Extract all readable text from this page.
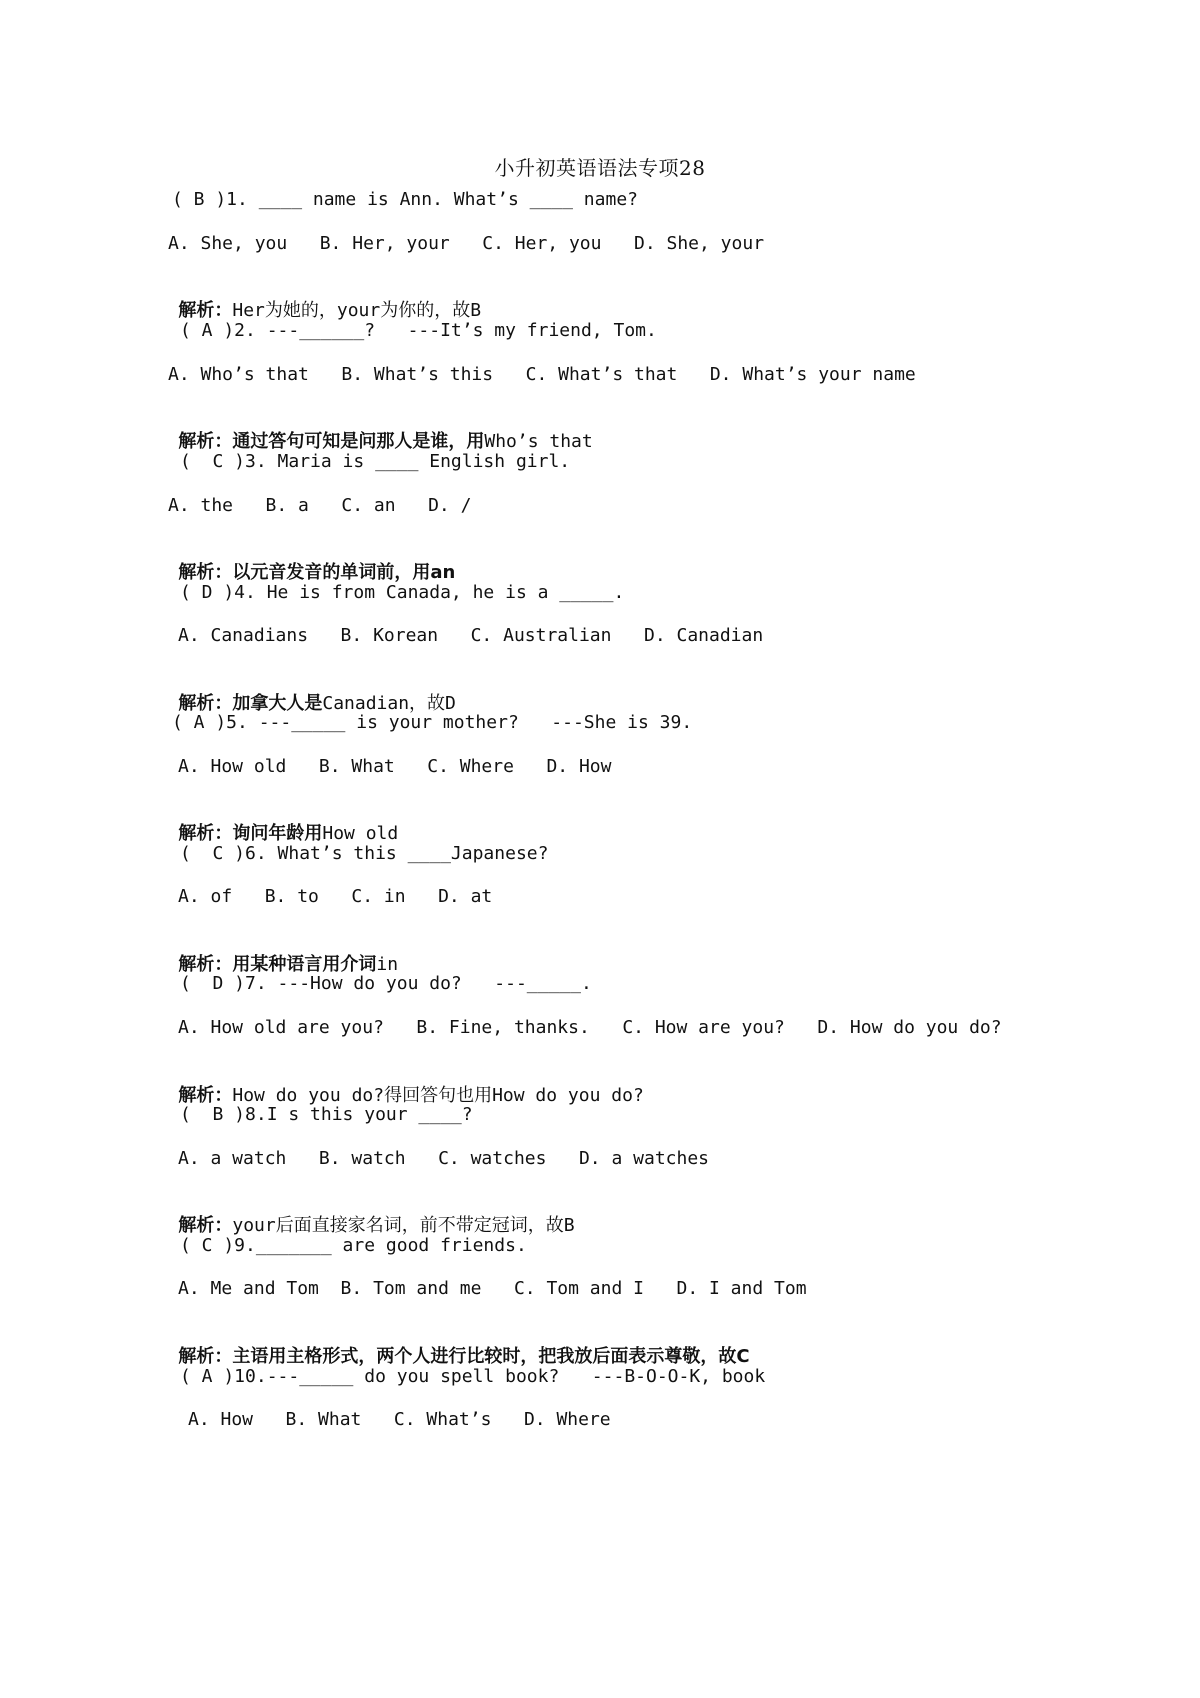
小升初英语语法专项28
( B )1. ____ name is Ann. What’s ____ name?
A. She, you   B. Her, your   C. Her, you   D. She, your

解析：Her为她的，your为你的，故B

( A )2. ---______?   ---It’s my friend, Tom.
A. Who’s that   B. What’s this   C. What’s that   D. What’s your name

解析：通过答句可知是问那人是谁，用Who’s that

(  C )3. Maria is ____ English girl.
A. the   B. a   C. an   D. /

解析：以元音发音的单词前，用an

( D )4. He is from Canada, he is a _____.
A. Canadians   B. Korean   C. Australian   D. Canadian

解析：加拿大人是Canadian，故D

( A )5. ---_____ is your mother?   ---She is 39.
A. How old   B. What   C. Where   D. How

解析：询问年龄用How old

(  C )6. What’s this ____Japanese?
A. of   B. to   C. in   D. at

解析：用某种语言用介词in

(  D )7. ---How do you do?   ---_____.
A. How old are you?   B. Fine, thanks.   C. How are you?   D. How do you do?

解析：How do you do?得回答句也用How do you do?

(  B )8.I s this your ____?
A. a watch   B. watch   C. watches   D. a watches

解析：your后面直接家名词，前不带定冠词，故B

( C )9._______ are good friends.
A. Me and Tom  B. Tom and me   C. Tom and I   D. I and Tom

解析：主语用主格形式，两个人进行比较时，把我放后面表示尊敬，故C

( A )10.---_____ do you spell book?   ---B-O-O-K, book
A. How   B. What   C. What’s   D. Where
